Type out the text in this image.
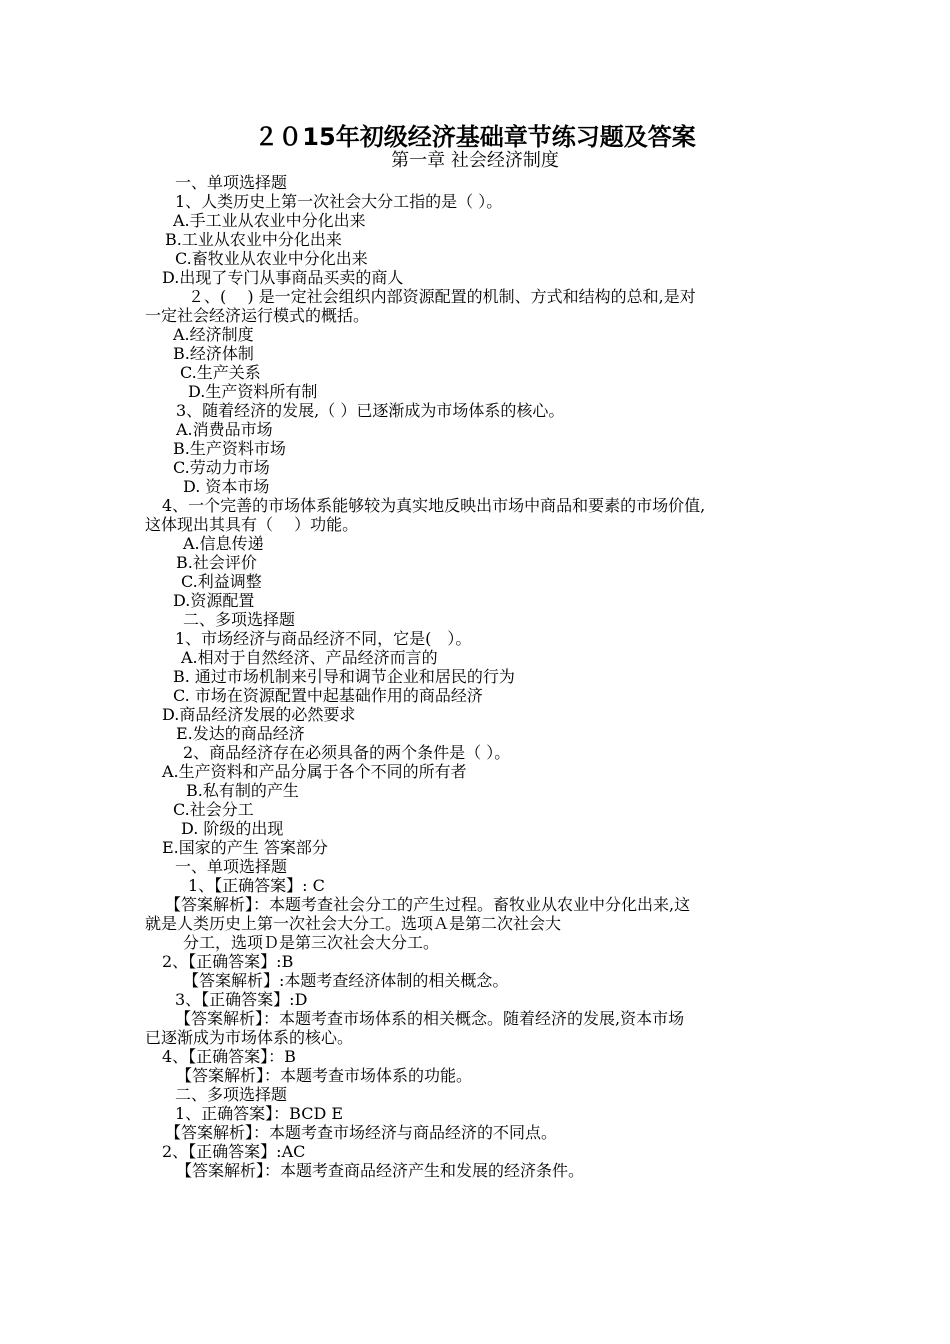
２０15年初级经济基础章节练习题及答案
第一章 社会经济制度
一、单项选择题
1、人类历史上第一次社会大分工指的是（ ）。
A.手工业从农业中分化出来
B.工业从农业中分化出来
C.畜牧业从农业中分化出来
D.出现了专门从事商品买卖的商人
２、(　 ) 是一定社会组织内部资源配置的机制、方式和结构的总和,是对
一定社会经济运行模式的概括。
A.经济制度
B.经济体制
C.生产关系
D.生产资料所有制
3、随着经济的发展,（ ）已逐渐成为市场体系的核心。
A.消费品市场
B.生产资料市场
C.劳动力市场
D. 资本市场
4、一个完善的市场体系能够较为真实地反映出市场中商品和要素的市场价值,
这体现出其具有（　 ）功能。
A.信息传递
B.社会评价
C.利益调整
D.资源配置
二、多项选择题
1、市场经济与商品经济不同，它是(　）。
A.相对于自然经济、产品经济而言的
B. 通过市场机制来引导和调节企业和居民的行为
C. 市场在资源配置中起基础作用的商品经济
D.商品经济发展的必然要求
E.发达的商品经济
2、商品经济存在必须具备的两个条件是（ ）。
A.生产资料和产品分属于各个不同的所有者
B.私有制的产生
C.社会分工
D. 阶级的出现
E.国家的产生 答案部分
一、单项选择题
1、【正确答案】: C
【答案解析】：本题考查社会分工的产生过程。畜牧业从农业中分化出来,这
就是人类历史上第一次社会大分工。选项Ａ是第二次社会大
分工，选项Ｄ是第三次社会大分工。
2、【正确答案】:B
【答案解析】:本题考查经济体制的相关概念。
3、【正确答案】:D
【答案解析】：本题考查市场体系的相关概念。随着经济的发展,资本市场
已逐渐成为市场体系的核心。
4、【正确答案】：B
【答案解析】：本题考查市场体系的功能。
二、多项选择题
1、正确答案】：BCD E
【答案解析】：本题考查市场经济与商品经济的不同点。
2、【正确答案】:AC
【答案解析】：本题考查商品经济产生和发展的经济条件。
